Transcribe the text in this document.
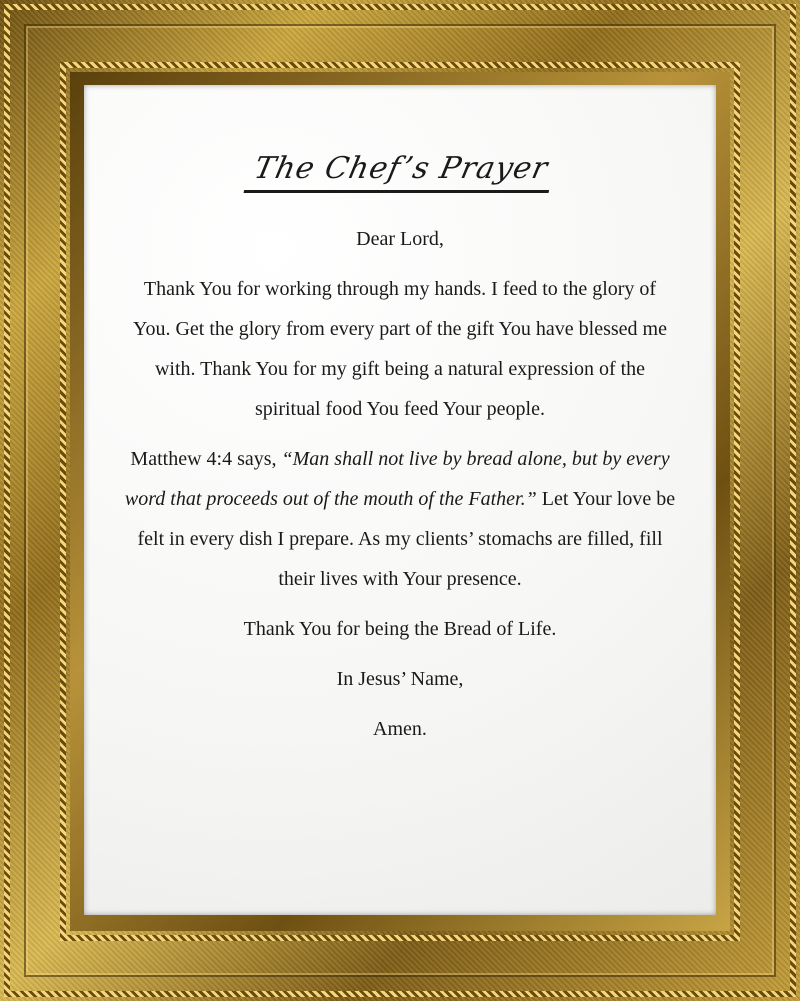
The Chef’s Prayer

Dear Lord,

Thank You for working through my hands. I feed to the glory of You. Get the glory from every part of the gift You have blessed me with. Thank You for my gift being a natural expression of the spiritual food You feed Your people.

Matthew 4:4 says, “Man shall not live by bread alone, but by every word that proceeds out of the mouth of the Father.” Let Your love be felt in every dish I prepare. As my clients’ stomachs are filled, fill their lives with Your presence.

Thank You for being the Bread of Life.

In Jesus’ Name,

Amen.
